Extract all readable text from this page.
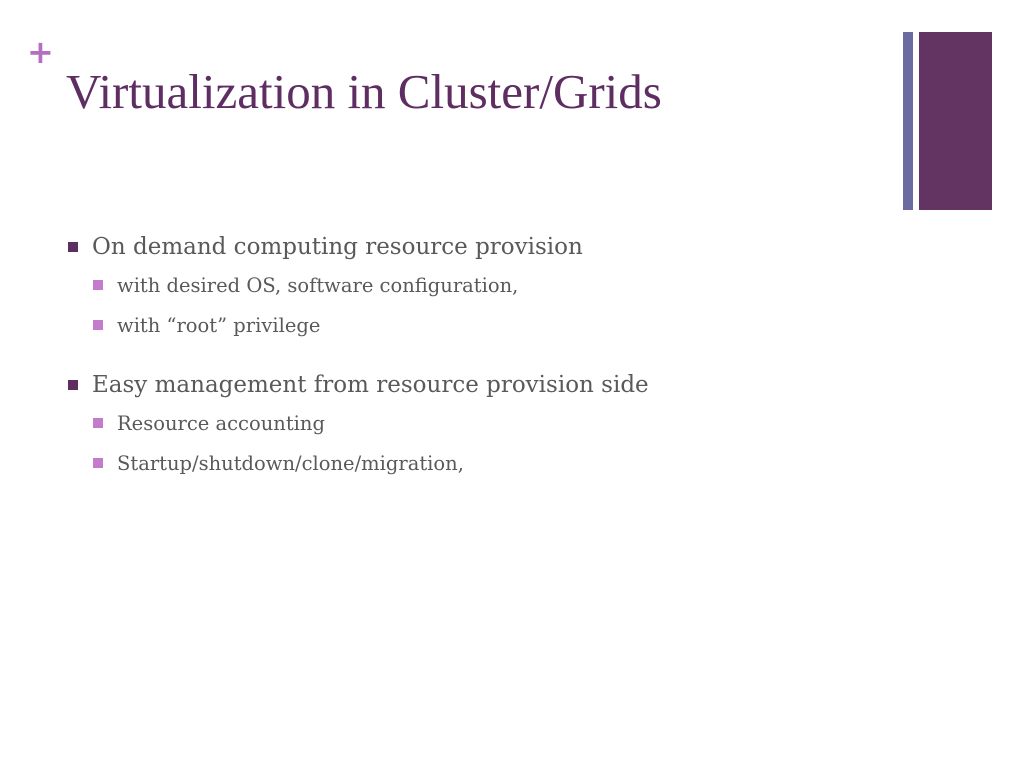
+
Virtualization in Cluster/Grids
On demand computing resource provision
with desired OS, software configuration,
with “root” privilege
Easy management from resource provision side
Resource accounting
Startup/shutdown/clone/migration,
